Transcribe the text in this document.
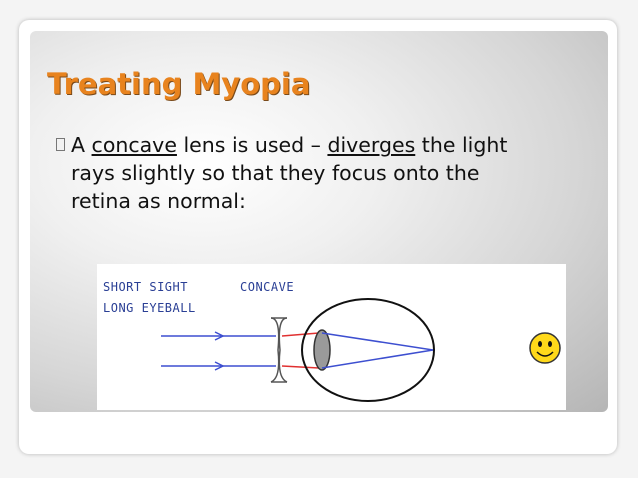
Treating Myopia
A concave lens is used – diverges the light
rays slightly so that they focus onto the
retina as normal:
SHORT SIGHT
LONG EYEBALL
CONCAVE
